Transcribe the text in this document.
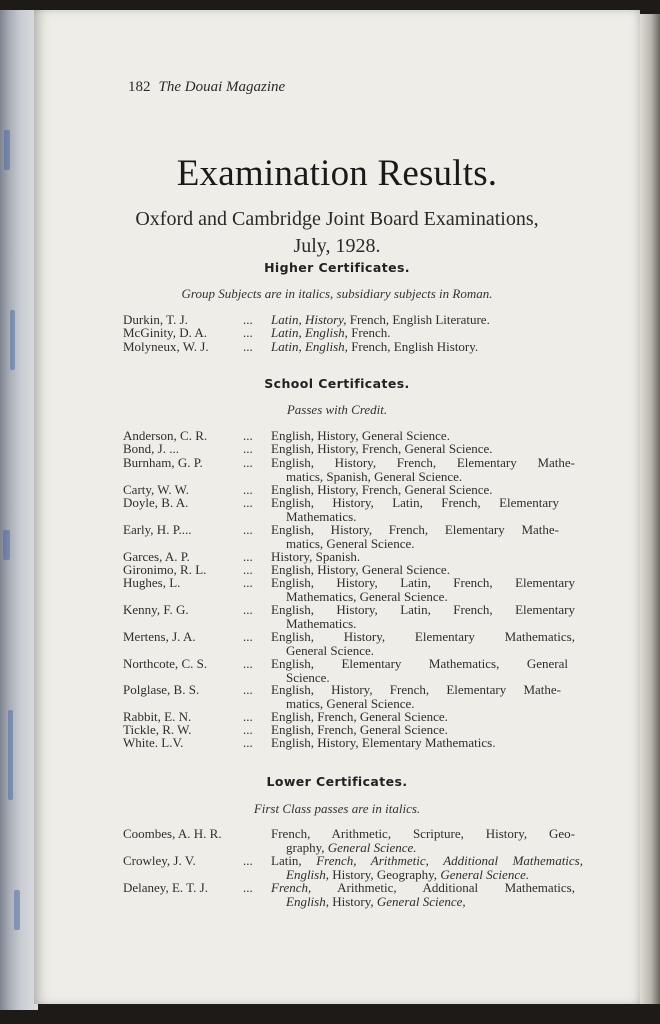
182 The Douai Magazine
Examination Results.
Oxford and Cambridge Joint Board Examinations,
July, 1928.
Higher Certificates.
Group Subjects are in italics, subsidiary subjects in Roman.
Durkin, T. J.	... Latin, History, French, English Literature.
McGinity, D. A.	... Latin, English, French.
Molyneux, W. J.	... Latin, English, French, English History.
School Certificates.
Passes with Credit.
Anderson, C. R.	... English, History, General Science.
Bond, J. ...	... English, History, French, General Science.
Burnham, G. P.	... English, History, French, Elementary Mathe-
matics, Spanish, General Science.
Carty, W. W.	... English, History, French, General Science.
Doyle, B. A.	... English, History, Latin, French, Elementary
Mathematics.
Early, H. P....	... English, History, French, Elementary Mathe-
matics, General Science.
Garces, A. P.	... History, Spanish.
Gironimo, R. L.	... English, History, General Science.
Hughes, L.	... English, History, Latin, French, Elementary
Mathematics, General Science.
Kenny, F. G.	... English, History, Latin, French, Elementary
Mathematics.
Mertens, J. A.	... English, History, Elementary Mathematics,
General Science.
Northcote, C. S.	... English, Elementary Mathematics, General
Science.
Polglase, B. S.	... English, History, French, Elementary Mathe-
matics, General Science.
Rabbit, E. N.	... English, French, General Science.
Tickle, R. W.	... English, French, General Science.
White. L.V.	... English, History, Elementary Mathematics.
Lower Certificates.
First Class passes are in italics.
Coombes, A. H. R.	French, Arithmetic, Scripture, History, Geo-
graphy, General Science.
Crowley, J. V.	... Latin, French, Arithmetic, Additional Mathematics,
English, History, Geography, General Science.
Delaney, E. T. J.	... French, Arithmetic, Additional Mathematics,
English, History, General Science,
